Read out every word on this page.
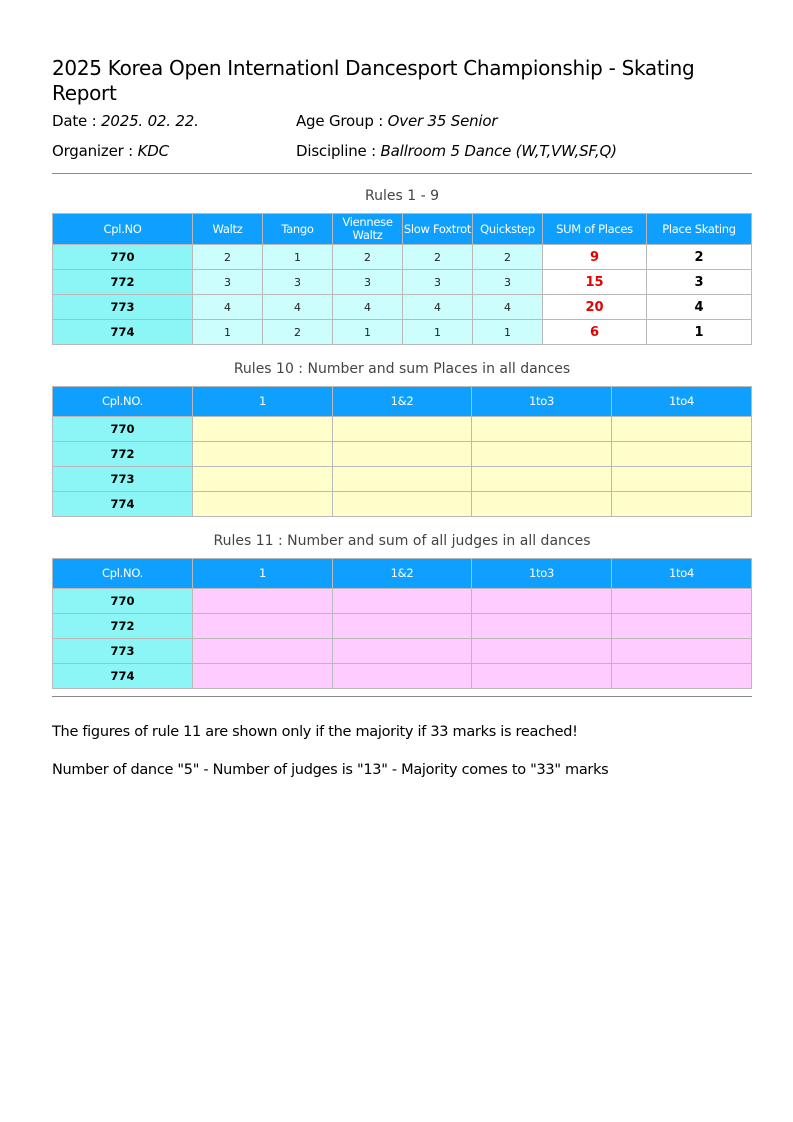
2025 Korea Open Internationl Dancesport Championship - Skating Report
Date : 2025. 02. 22.	Age Group : Over 35 Senior
Organizer : KDC	Discipline : Ballroom 5 Dance (W,T,VW,SF,Q)
Rules 1 - 9
Cpl.NO	Waltz	Tango	Viennese Waltz	Slow Foxtrot	Quickstep	SUM of Places	Place Skating
770	2	1	2	2	2	9	2
772	3	3	3	3	3	15	3
773	4	4	4	4	4	20	4
774	1	2	1	1	1	6	1
Rules 10 : Number and sum Places in all dances
Cpl.NO.	1	1&2	1to3	1to4
770				
772				
773				
774				
Rules 11 : Number and sum of all judges in all dances
Cpl.NO.	1	1&2	1to3	1to4
770				
772				
773				
774				
The figures of rule 11 are shown only if the majority if 33 marks is reached!
Number of dance "5" - Number of judges is "13" - Majority comes to "33" marks
